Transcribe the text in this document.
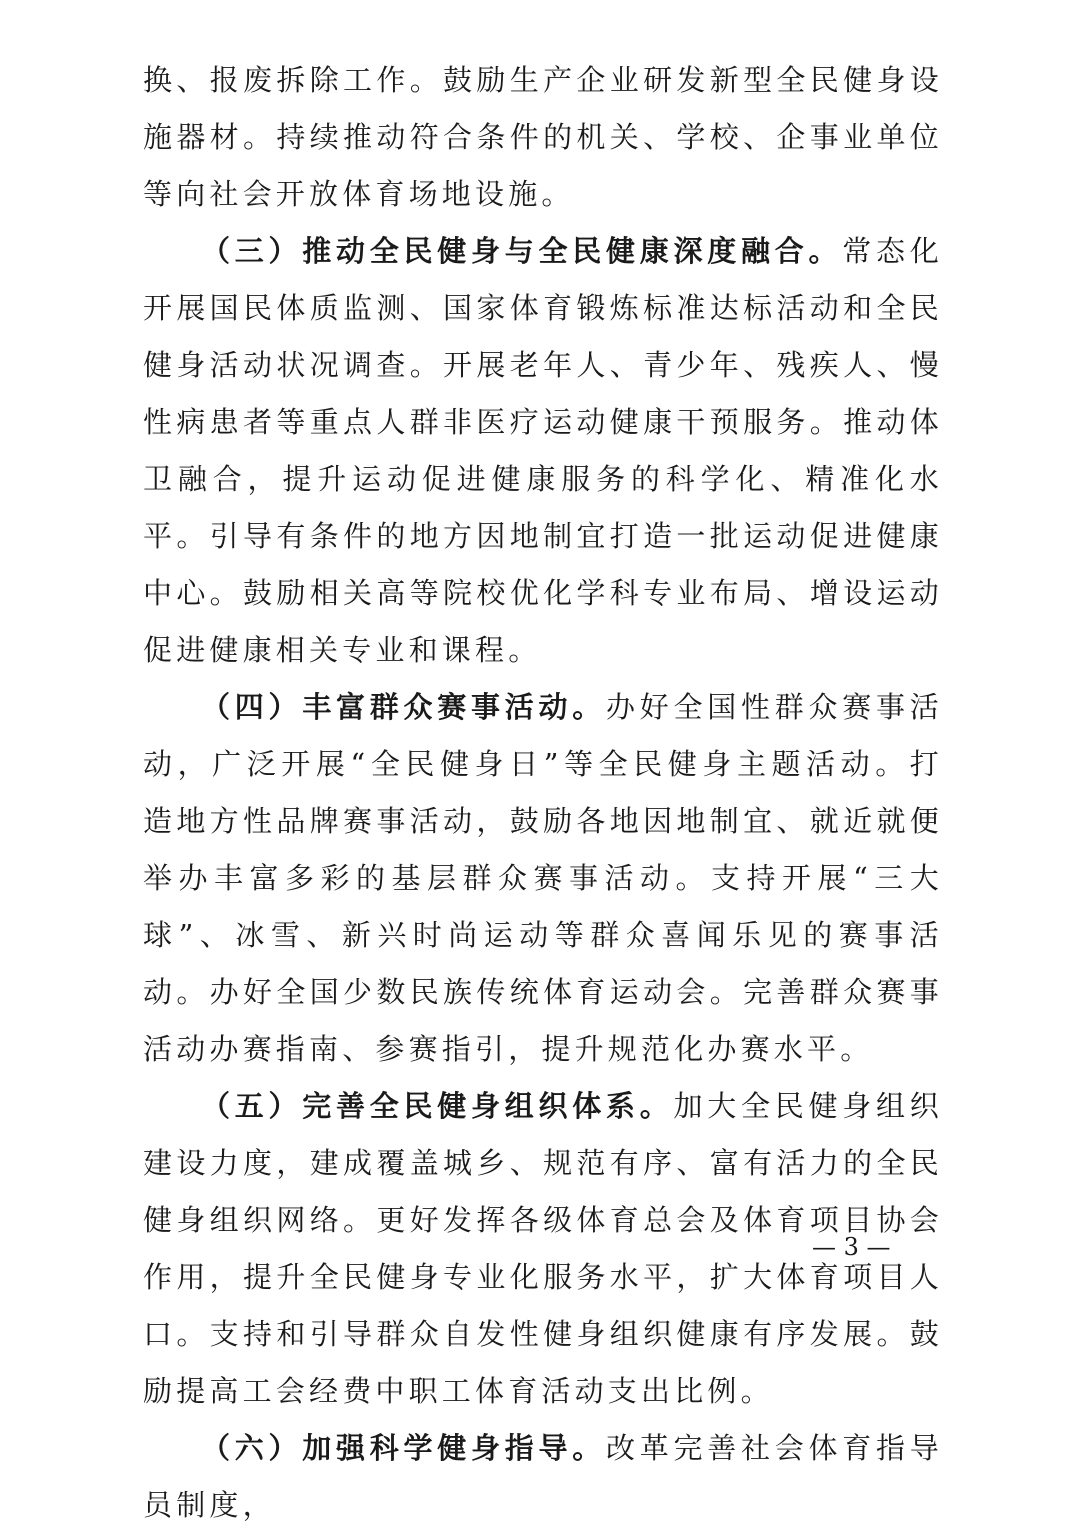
换、报废拆除工作。鼓励生产企业研发新型全民健身设施器材。持续推动符合条件的机关、学校、企事业单位等向社会开放体育场地设施。

（三）推动全民健身与全民健康深度融合。常态化开展国民体质监测、国家体育锻炼标准达标活动和全民健身活动状况调查。开展老年人、青少年、残疾人、慢性病患者等重点人群非医疗运动健康干预服务。推动体卫融合，提升运动促进健康服务的科学化、精准化水平。引导有条件的地方因地制宜打造一批运动促进健康中心。鼓励相关高等院校优化学科专业布局、增设运动促进健康相关专业和课程。

（四）丰富群众赛事活动。办好全国性群众赛事活动，广泛开展“全民健身日”等全民健身主题活动。打造地方性品牌赛事活动，鼓励各地因地制宜、就近就便举办丰富多彩的基层群众赛事活动。支持开展“三大球”、冰雪、新兴时尚运动等群众喜闻乐见的赛事活动。办好全国少数民族传统体育运动会。完善群众赛事活动办赛指南、参赛指引，提升规范化办赛水平。

（五）完善全民健身组织体系。加大全民健身组织建设力度，建成覆盖城乡、规范有序、富有活力的全民健身组织网络。更好发挥各级体育总会及体育项目协会作用，提升全民健身专业化服务水平，扩大体育项目人口。支持和引导群众自发性健身组织健康有序发展。鼓励提高工会经费中职工体育活动支出比例。

（六）加强科学健身指导。改革完善社会体育指导员制度，

— 3 —
